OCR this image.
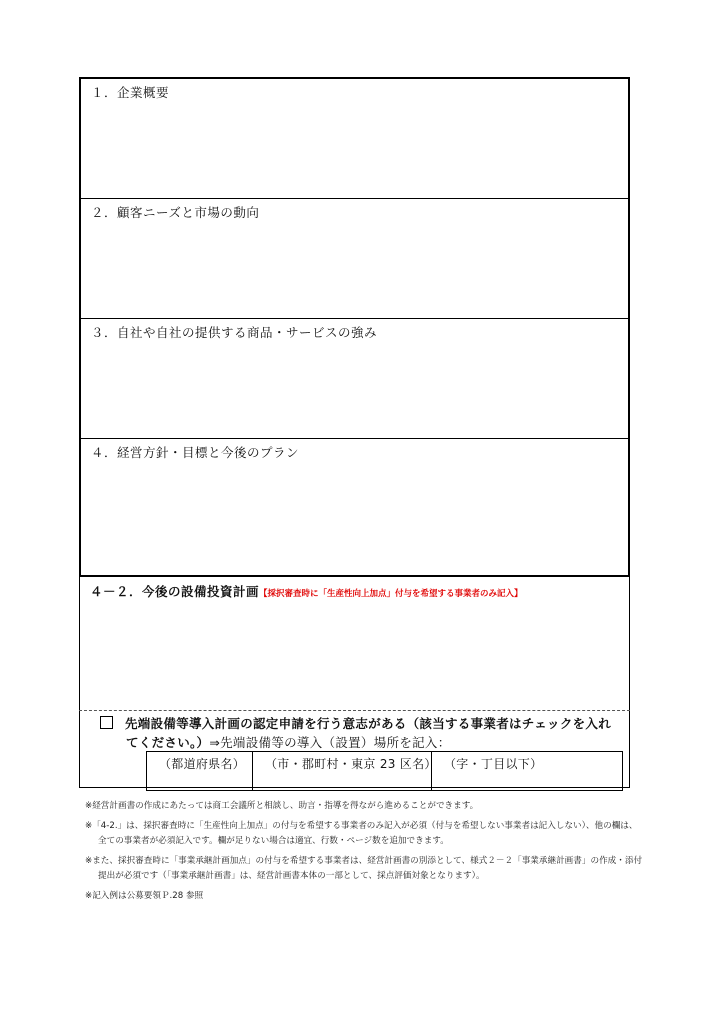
１．企業概要
２．顧客ニーズと市場の動向
３．自社や自社の提供する商品・サービスの強み
４．経営方針・目標と今後のプラン
４－２．今後の設備投資計画【採択審査時に「生産性向上加点」付与を希望する事業者のみ記入】
先端設備等導入計画の認定申請を行う意志がある（該当する事業者はチェックを入れ
てください。）⇒先端設備等の導入（設置）場所を記入：
（都道府県名）	（市・郡町村・東京 23 区名） （字・丁目以下）

※経営計画書の作成にあたっては商工会議所と相談し、助言・指導を得ながら進めることができます。

※「4-2.」は、採択審査時に「生産性向上加点」の付与を希望する事業者のみ記入が必須（付与を希望しない事業者は記入しない）、他の欄は、全ての事業者が必須記入です。欄が足りない場合は適宜、行数・ページ数を追加できます。

※また、採択審査時に「事業承継計画加点」の付与を希望する事業者は、経営計画書の別添として、様式２－２「事業承継計画書」の作成・添付提出が必須です（「事業承継計画書」は、経営計画書本体の一部として、採点評価対象となります）。

※記入例は公募要領Ｐ.28 参照
